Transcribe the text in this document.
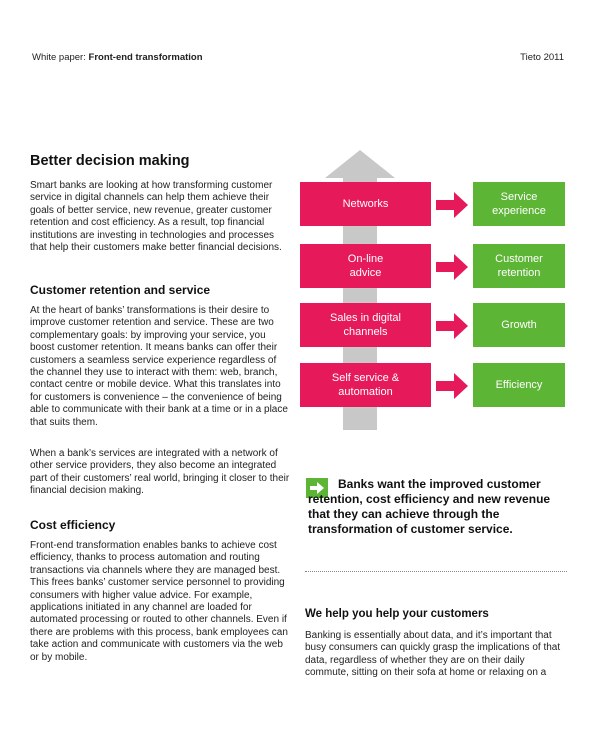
White paper: Front-end transformation	Tieto 2011
Better decision making

Smart banks are looking at how transforming customer service in digital channels can help them achieve their goals of better service, new revenue, greater customer retention and cost efficiency. As a result, top financial institutions are investing in technologies and processes that help their customers make better financial decisions.

Customer retention and service

At the heart of banks’ transformations is their desire to improve customer retention and service. These are two complementary goals: by improving your service, you boost customer retention. It means banks can offer their customers a seamless service experience regardless of the channel they use to interact with them: web, branch, contact centre or mobile device. What this translates into for customers is convenience – the convenience of being able to communicate with their bank at a time or in a place that suits them.

When a bank’s services are integrated with a network of other service providers, they also become an integrated part of their customers’ real world, bringing it closer to their financial decision making.

Cost efficiency

Front-end transformation enables banks to achieve cost efficiency, thanks to process automation and routing transactions via channels where they are managed best. This frees banks’ customer service personnel to providing consumers with higher value advice. For example, applications initiated in any channel are loaded for automated processing or routed to other channels. Even if there are problems with this process, bank employees can take action and communicate with customers via the web or by mobile.

Networks
On-line advice
Sales in digital channels
Self service & automation
Service experience
Customer retention
Growth
Efficiency

Banks want the improved customer retention, cost efficiency and new revenue that they can achieve through the transformation of customer service.

We help you help your customers

Banking is essentially about data, and it’s important that busy consumers can quickly grasp the implications of that data, regardless of whether they are on their daily commute, sitting on their sofa at home or relaxing on a
